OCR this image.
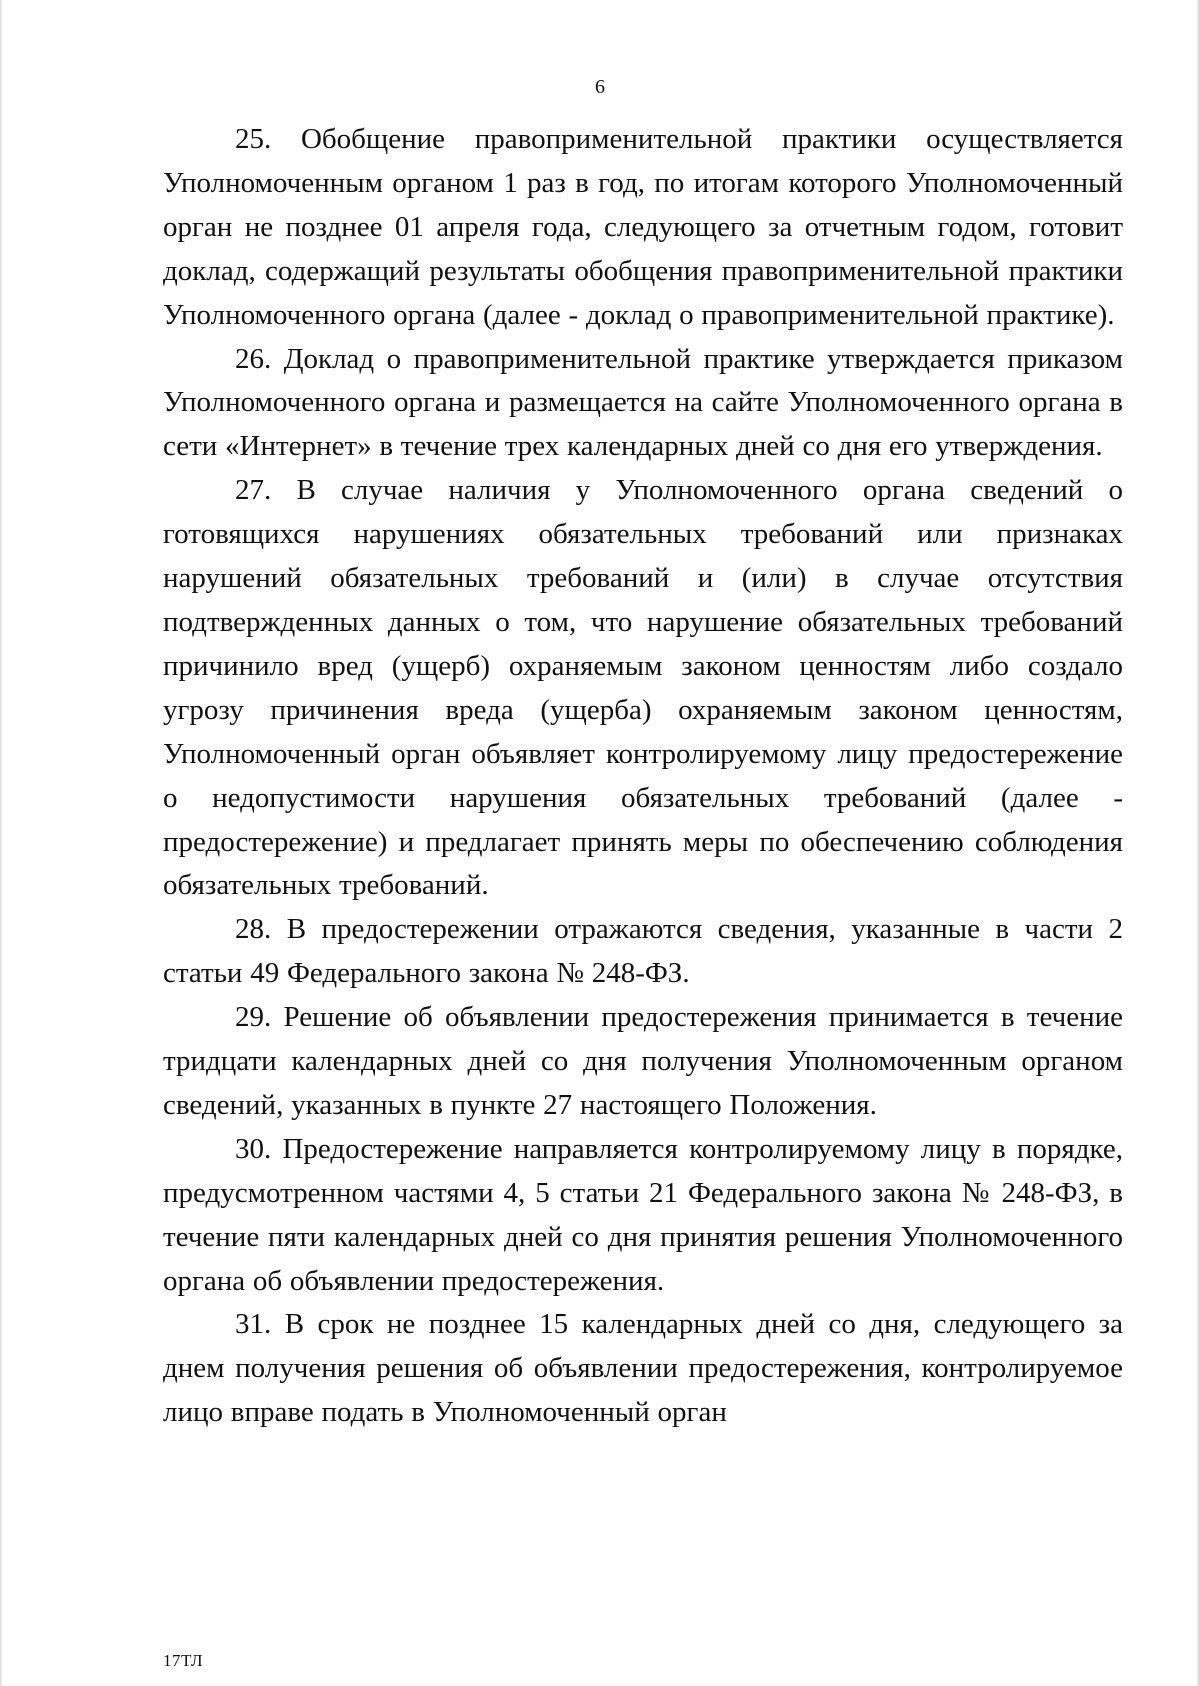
6

25. Обобщение правоприменительной практики осуществляется Уполномоченным органом 1 раз в год, по итогам которого Уполномоченный орган не позднее 01 апреля года, следующего за отчетным годом, готовит доклад, содержащий результаты обобщения правоприменительной практики Уполномоченного органа (далее - доклад о правоприменительной практике).

26. Доклад о правоприменительной практике утверждается приказом Уполномоченного органа и размещается на сайте Уполномоченного органа в сети «Интернет» в течение трех календарных дней со дня его утверждения.

27. В случае наличия у Уполномоченного органа сведений о готовящихся нарушениях обязательных требований или признаках нарушений обязательных требований и (или) в случае отсутствия подтвержденных данных о том, что нарушение обязательных требований причинило вред (ущерб) охраняемым законом ценностям либо создало угрозу причинения вреда (ущерба) охраняемым законом ценностям, Уполномоченный орган объявляет контролируемому лицу предостережение о недопустимости нарушения обязательных требований (далее - предостережение) и предлагает принять меры по обеспечению соблюдения обязательных требований.

28. В предостережении отражаются сведения, указанные в части 2 статьи 49 Федерального закона № 248-ФЗ.

29. Решение об объявлении предостережения принимается в течение тридцати календарных дней со дня получения Уполномоченным органом сведений, указанных в пункте 27 настоящего Положения.

30. Предостережение направляется контролируемому лицу в порядке, предусмотренном частями 4, 5 статьи 21 Федерального закона № 248-ФЗ, в течение пяти календарных дней со дня принятия решения Уполномоченного органа об объявлении предостережения.

31. В срок не позднее 15 календарных дней со дня, следующего за днем получения решения об объявлении предостережения, контролируемое лицо вправе подать в Уполномоченный орган

17ТЛ
